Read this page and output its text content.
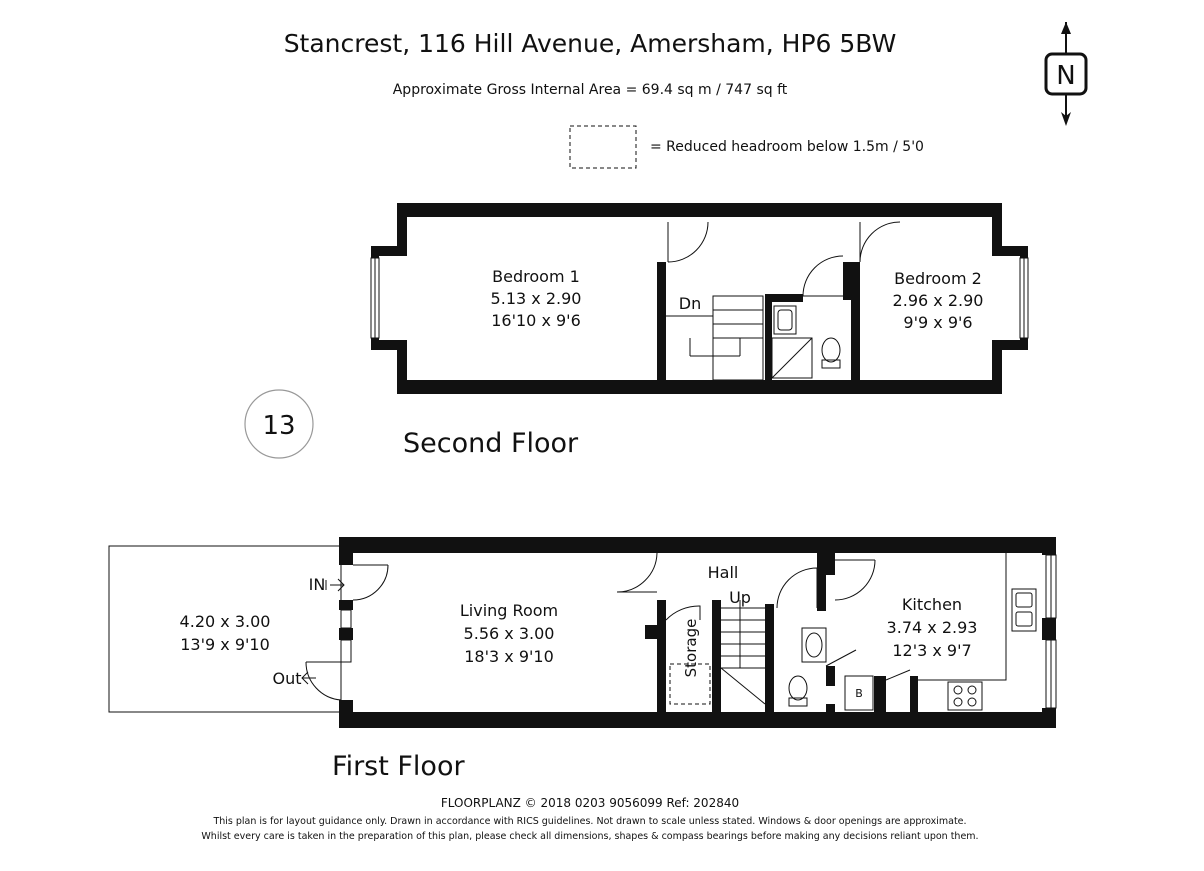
Stancrest, 116 Hill Avenue, Amersham, HP6 5BW
Approximate Gross Internal Area = 69.4 sq m / 747 sq ft
= Reduced headroom below 1.5m / 5'0
N
13
Bedroom 1
5.13 x 2.90
16'10 x 9'6
Bedroom 2
2.96 x 2.90
9'9 x 9'6
Dn
Second Floor
4.20 x 3.00
13'9 x 9'10
Living Room
5.56 x 3.00
18'3 x 9'10
Hall
Up
Storage
Kitchen
3.74 x 2.93
12'3 x 9'7
B
IN
Out
First Floor
FLOORPLANZ © 2018 0203 9056099 Ref: 202840
This plan is for layout guidance only. Drawn in accordance with RICS guidelines. Not drawn to scale unless stated. Windows & door openings are approximate.
Whilst every care is taken in the preparation of this plan, please check all dimensions, shapes & compass bearings before making any decisions reliant upon them.
